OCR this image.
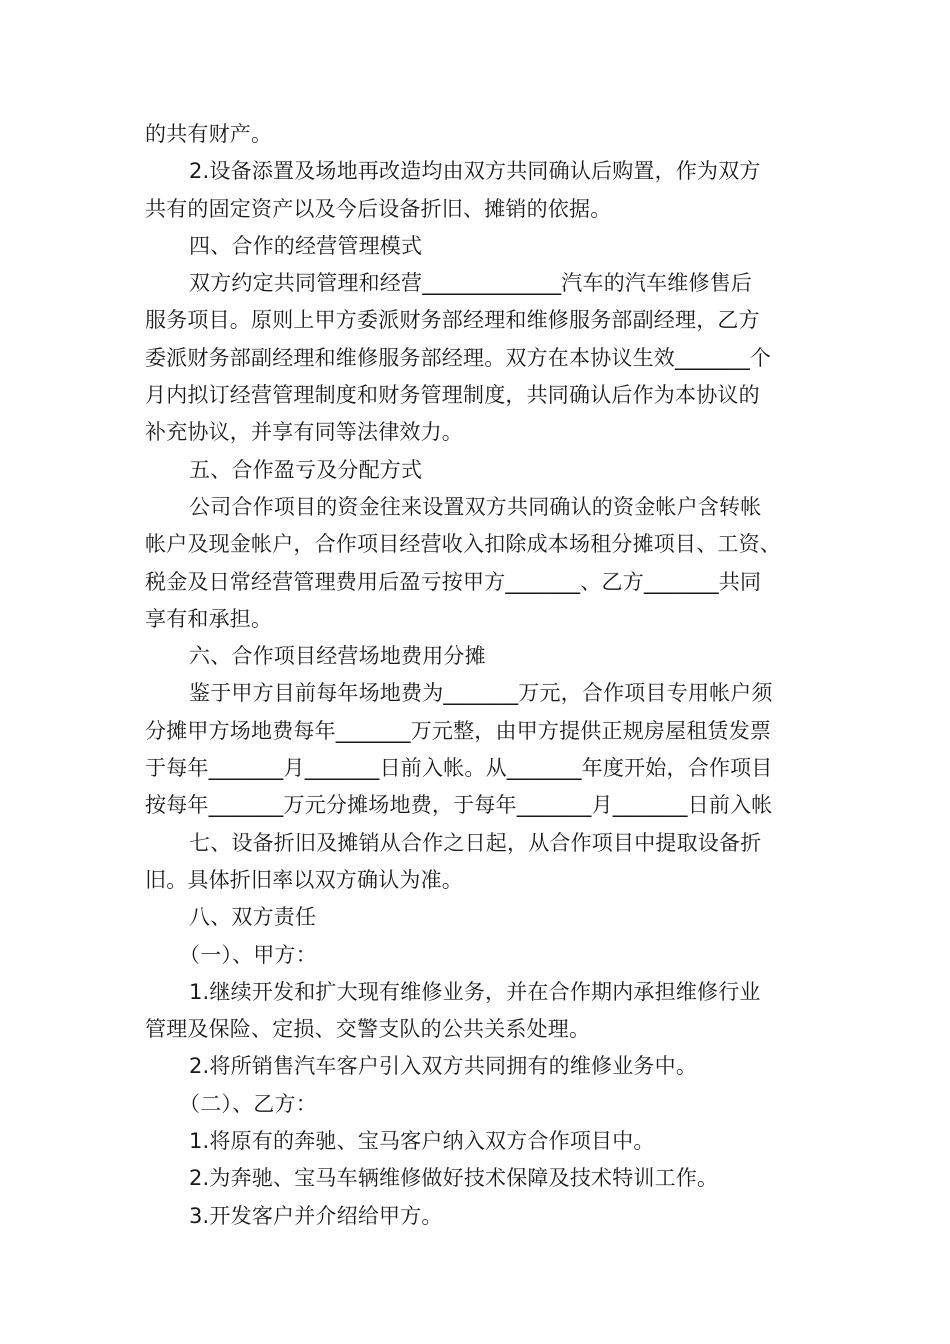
的共有财产。
2.设备添置及场地再改造均由双方共同确认后购置，作为双方
共有的固定资产以及今后设备折旧、摊销的依据。
四、合作的经营管理模式
双方约定共同管理和经营_____________汽车的汽车维修售后
服务项目。原则上甲方委派财务部经理和维修服务部副经理，乙方
委派财务部副经理和维修服务部经理。双方在本协议生效_______个
月内拟订经营管理制度和财务管理制度，共同确认后作为本协议的
补充协议，并享有同等法律效力。
五、合作盈亏及分配方式
公司合作项目的资金往来设置双方共同确认的资金帐户含转帐
帐户及现金帐户，合作项目经营收入扣除成本场租分摊项目、工资、
税金及日常经营管理费用后盈亏按甲方_______、乙方_______共同
享有和承担。
六、合作项目经营场地费用分摊
鉴于甲方目前每年场地费为_______万元，合作项目专用帐户须
分摊甲方场地费每年_______万元整，由甲方提供正规房屋租赁发票
于每年_______月_______日前入帐。从_______年度开始，合作项目
按每年_______万元分摊场地费，于每年_______月_______日前入帐
七、设备折旧及摊销从合作之日起，从合作项目中提取设备折
旧。具体折旧率以双方确认为准。
八、双方责任
（一）、甲方：
1.继续开发和扩大现有维修业务，并在合作期内承担维修行业
管理及保险、定损、交警支队的公共关系处理。
2.将所销售汽车客户引入双方共同拥有的维修业务中。
（二）、乙方：
1.将原有的奔驰、宝马客户纳入双方合作项目中。
2.为奔驰、宝马车辆维修做好技术保障及技术特训工作。
3.开发客户并介绍给甲方。
